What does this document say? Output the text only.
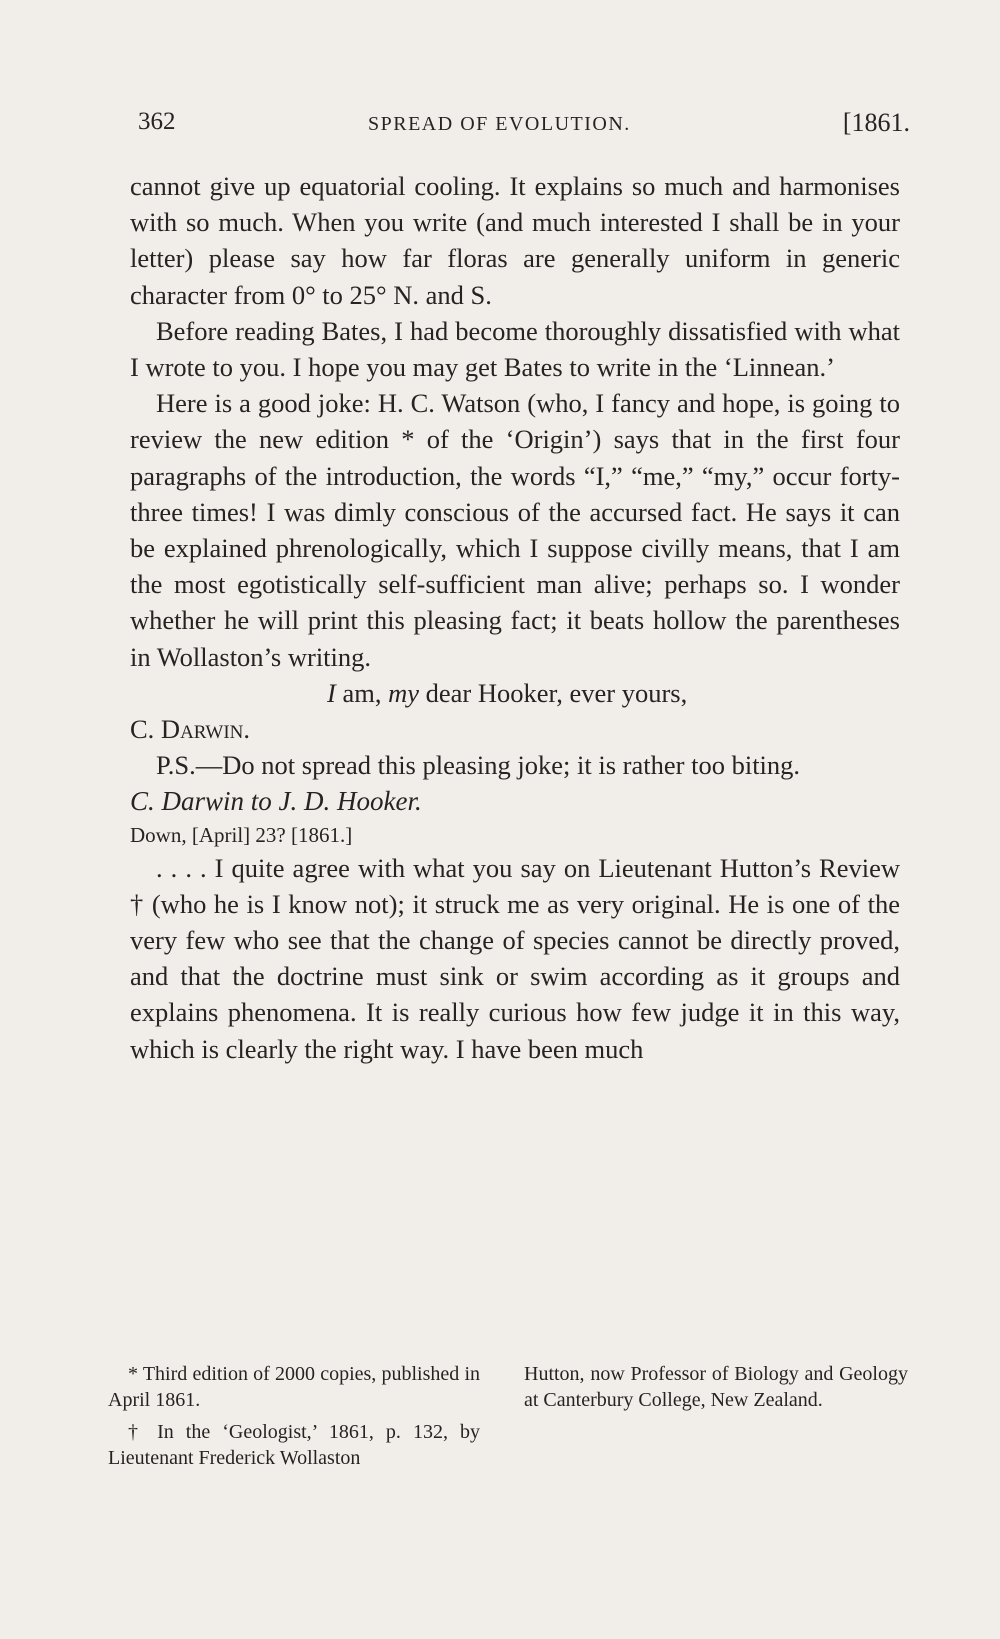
362	SPREAD OF EVOLUTION.	[1861.

cannot give up equatorial cooling. It explains so much and harmonises with so much. When you write (and much interested I shall be in your letter) please say how far floras are generally uniform in generic character from 0° to 25° N. and S.

Before reading Bates, I had become thoroughly dissatisfied with what I wrote to you. I hope you may get Bates to write in the ‘Linnean.’

Here is a good joke: H. C. Watson (who, I fancy and hope, is going to review the new edition * of the ‘Origin’) says that in the first four paragraphs of the introduction, the words “I,” “me,” “my,” occur forty-three times! I was dimly conscious of the accursed fact. He says it can be explained phrenologically, which I suppose civilly means, that I am the most egotistically self-sufficient man alive; perhaps so. I wonder whether he will print this pleasing fact; it beats hollow the parentheses in Wollaston’s writing.

I am, my dear Hooker, ever yours,

C. Darwin.

P.S.—Do not spread this pleasing joke; it is rather too biting.

C. Darwin to J. D. Hooker.

Down, [April] 23? [1861.]

. . . . I quite agree with what you say on Lieutenant Hutton’s Review † (who he is I know not); it struck me as very original. He is one of the very few who see that the change of species cannot be directly proved, and that the doctrine must sink or swim according as it groups and explains phenomena. It is really curious how few judge it in this way, which is clearly the right way. I have been much

* Third edition of 2000 copies, published in April 1861.

† In the ‘Geologist,’ 1861, p. 132, by Lieutenant Frederick Wollaston

Hutton, now Professor of Biology and Geology at Canterbury College, New Zealand.
